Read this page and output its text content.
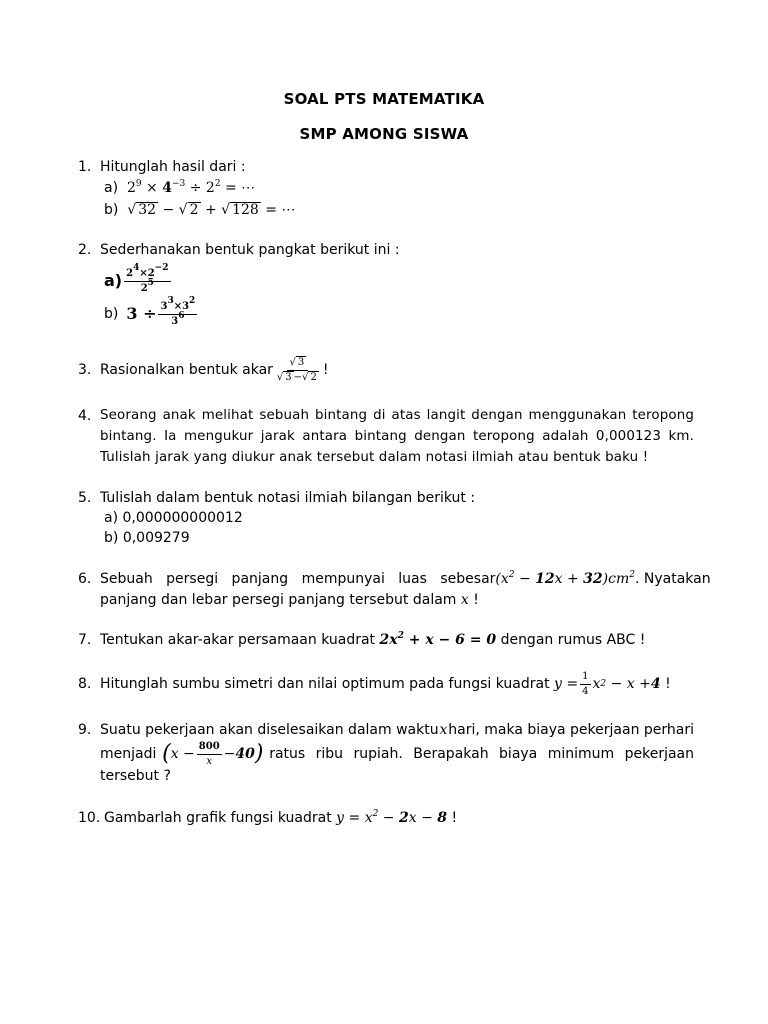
SOAL PTS MATEMATIKA
SMP AMONG SISWA
1. Hitunglah hasil dari :
a)  $2^9 \times 4^{-3} \div 2^2$ = ⋯
b)  √ 32 − √ 2 + √ 128 = ⋯
2. Sederhanakan bentuk pangkat berikut ini :
$a) \frac{2^4\times 2^{-2}}{2^5}$
b) $3 \div \frac{3^3\times 3^2}{3^6}$
3. Rasionalkan bentuk akar $\frac{√ 3}{√ 3 -√ 2}$ !
4. Seorang anak melihat sebuah bintang di atas langit dengan menggunakan teropong
bintang. Ia mengukur jarak antara bintang dengan teropong adalah 0,000123 km.
Tulislah jarak yang diukur anak tersebut dalam notasi ilmiah atau bentuk baku !
5. Tulislah dalam bentuk notasi ilmiah bilangan berikut :
a) 0,000000000012
b) 0,009279
6. Sebuah persegi panjang mempunyai luas sebesar $(x^2 - 12x + 32)cm^2$. Nyatakan
panjang dan lebar persegi panjang tersebut dalam x !
7. Tentukan akar-akar persamaan kuadrat $2x^2 + x - 6 = 0$ dengan rumus ABC !
8. Hitunglah sumbu simetri dan nilai optimum pada fungsi kuadrat
$y = \frac{1}{4}$ x 2 − x + 4
!
9. Suatu pekerjaan akan diselesaikan dalam waktu x hari, maka biaya pekerjaan perhari
menjadi ( $x - \frac{800}{x} - 40$ ) ratus ribu rupiah. Berapakah biaya minimum pekerjaan
tersebut ?
10. Gambarlah grafik fungsi kuadrat $y = x^2 - 2x - 8$ !
